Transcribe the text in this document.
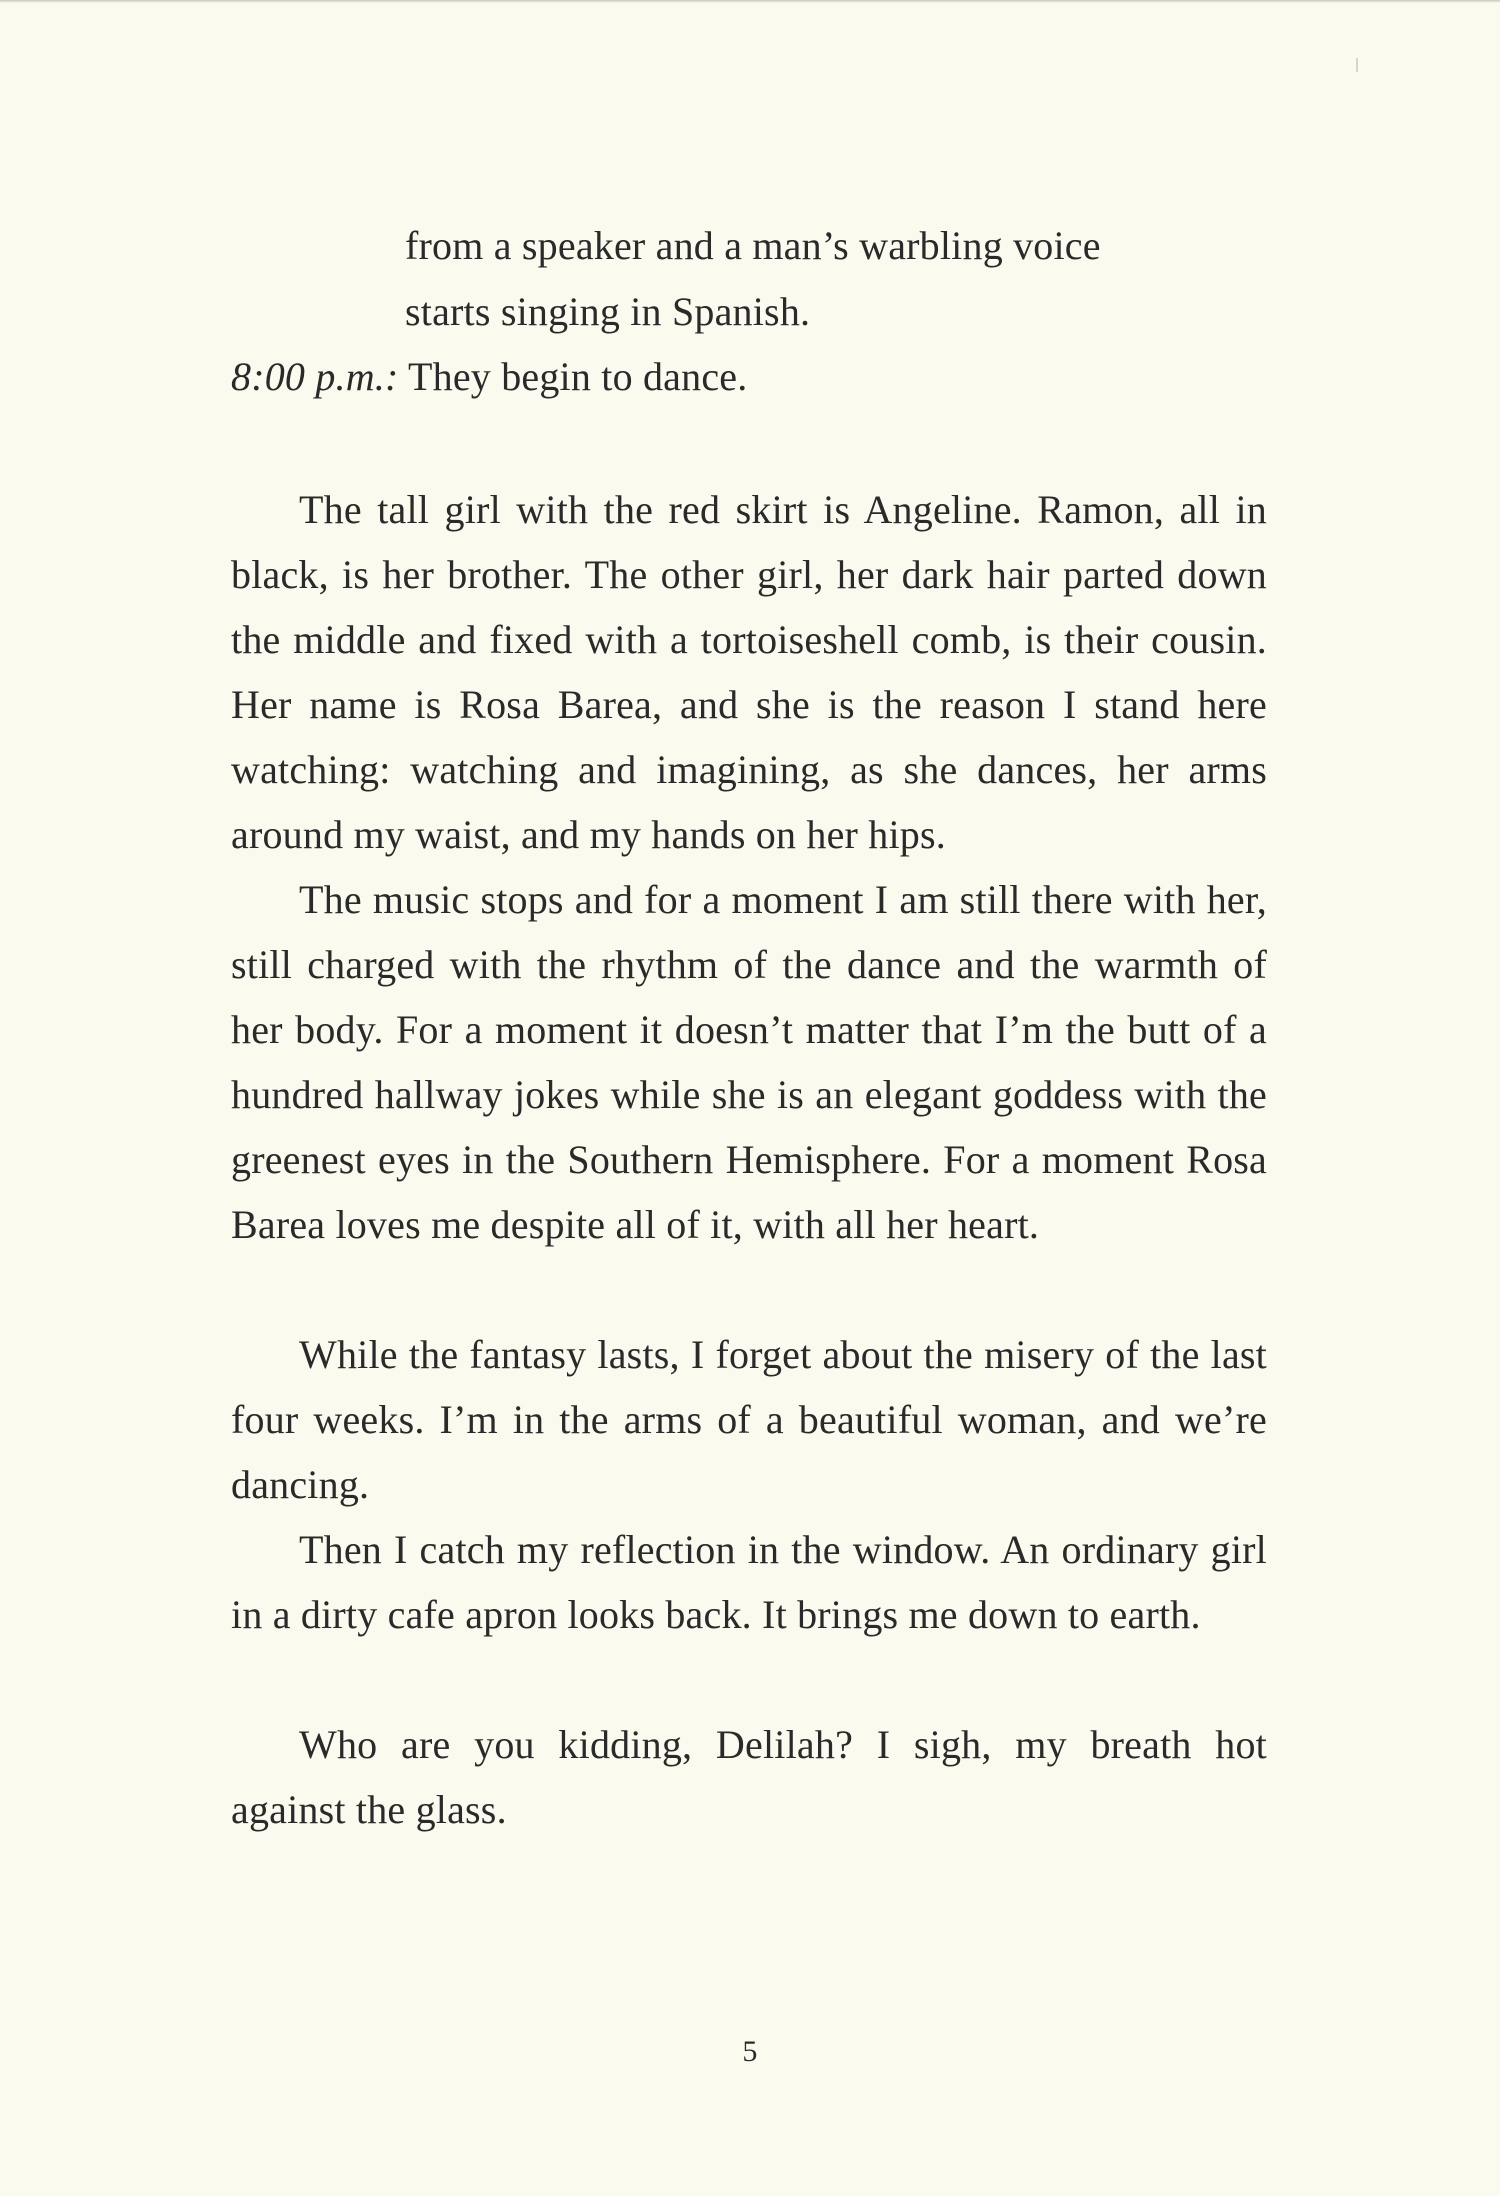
from a speaker and a man’s warbling voice
starts singing in Spanish.
8:00 p.m.: They begin to dance.
The tall girl with the red skirt is Angeline. Ramon, all in black, is her brother. The other girl, her dark hair parted down the middle and fixed with a tortoiseshell comb, is their cousin. Her name is Rosa Barea, and she is the reason I stand here watching: watching and imagining, as she dances, her arms around my waist, and my hands on her hips.
The music stops and for a moment I am still there with her, still charged with the rhythm of the dance and the warmth of her body. For a moment it doesn’t matter that I’m the butt of a hundred hallway jokes while she is an elegant goddess with the greenest eyes in the Southern Hemisphere. For a moment Rosa Barea loves me despite all of it, with all her heart.
While the fantasy lasts, I forget about the misery of the last four weeks. I’m in the arms of a beautiful woman, and we’re dancing.
Then I catch my reflection in the window. An ordinary girl in a dirty cafe apron looks back. It brings me down to earth.
Who are you kidding, Delilah? I sigh, my breath hot against the glass.
5
